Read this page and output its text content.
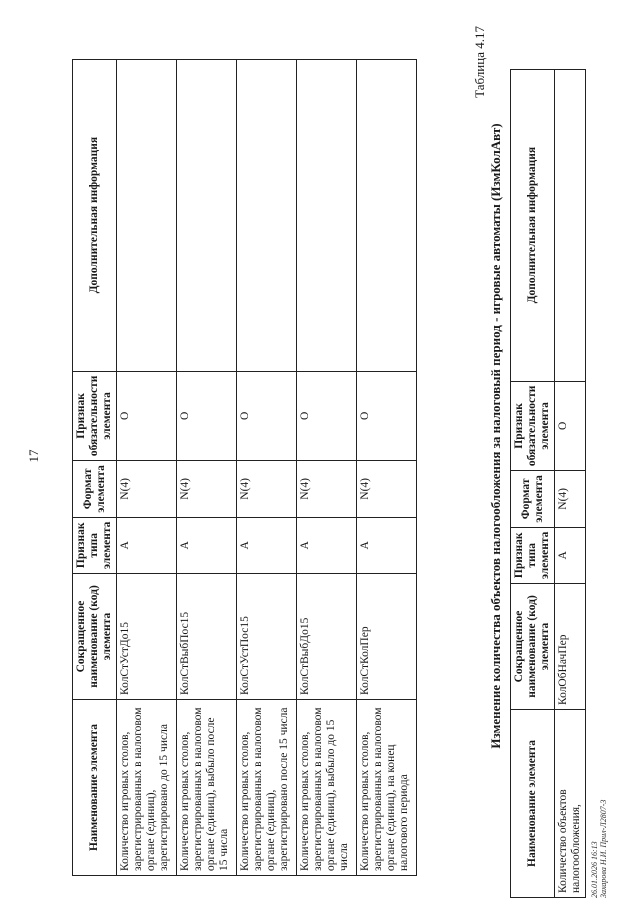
17
Наименование элемента	Сокращенное наименование (код) элемента	Признак типа элемента	Формат элемента	Признак обязательности элемента	Дополнительная информация
Количество игровых столов, зарегистрированных в налоговом органе (единиц), зарегистрировано до 15 числа	КолСтУстДо15	А	N(4)	О	
Количество игровых столов, зарегистрированных в налоговом органе (единиц), выбыло после 15 числа	КолСтВыбПос15	А	N(4)	О	
Количество игровых столов, зарегистрированных в налоговом органе (единиц), зарегистрировано после 15 числа	КолСтУстПос15	А	N(4)	О	
Количество игровых столов, зарегистрированных в налоговом органе (единиц), выбыло до 15 числа	КолСтВыбДо15	А	N(4)	О	
Количество игровых столов, зарегистрированных в налоговом органе (единиц), на конец налогового периода	КолСтКолПер	А	N(4)	О	
Таблица 4.17
Изменение количества объектов налогообложения за налоговый период - игровые автоматы (ИзмКолАвт)
Наименование элемента	Сокращенное наименование (код) элемента	Признак типа элемента	Формат элемента	Признак обязательности элемента	Дополнительная информация
Количество объектов налогообложения,	КолОбНачПер	А	N(4)	О	
26.01.2026 16:13 Захарова Н.И. Прил-Л2807-3
